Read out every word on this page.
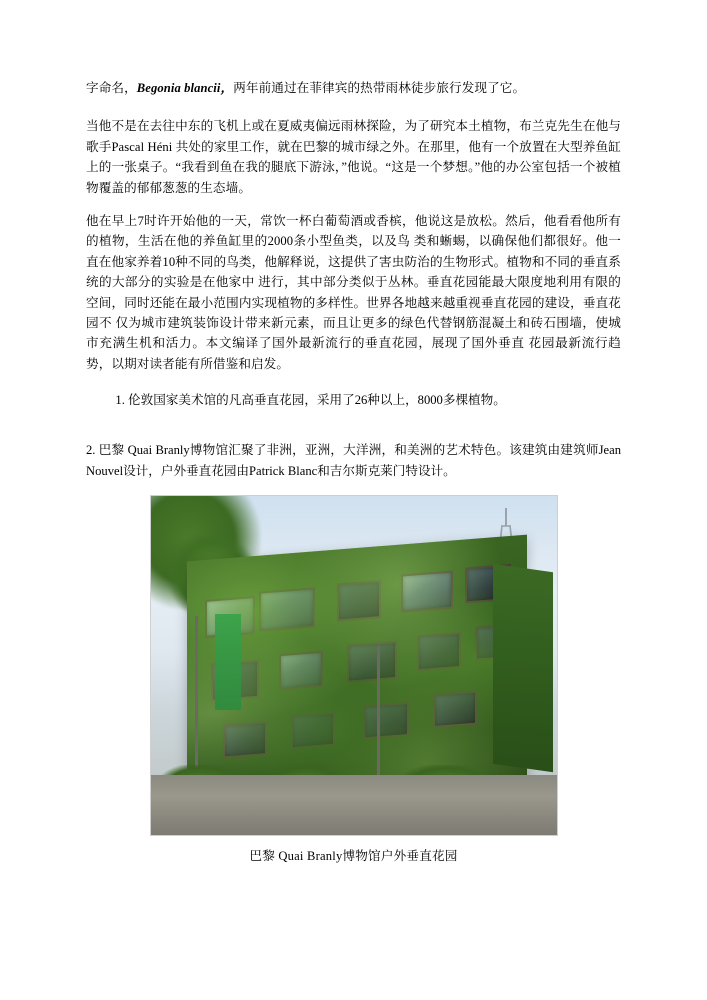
字命名，Begonia blancii，两年前通过在菲律宾的热带雨林徒步旅行发现了它。

当他不是在去往中东的飞机上或在夏威夷偏远雨林探险，为了研究本土植物，布兰克先生在他与歌手Pascal Héni 共处的家里工作，就在巴黎的城市绿之外。在那里，他有一个放置在大型养鱼缸上的一张桌子。“我看到鱼在我的腿底下游泳，”他说。“这是一个梦想。”他的办公室包括一个被植物覆盖的郁郁葱葱的生态墙。

他在早上7时许开始他的一天，常饮一杯白葡萄酒或香槟，他说这是放松。然后，他看看他所有的植物，生活在他的养鱼缸里的2000条小型鱼类，以及鸟 类和蜥蜴，以确保他们都很好。他一直在他家养着10种不同的鸟类，他解释说，这提供了害虫防治的生物形式。植物和不同的垂直系统的大部分的实验是在他家中 进行，其中部分类似于丛林。垂直花园能最大限度地利用有限的空间，同时还能在最小范围内实现植物的多样性。世界各地越来越重视垂直花园的建设，垂直花园不 仅为城市建筑装饰设计带来新元素，而且让更多的绿色代替钢筋混凝土和砖石围墙，使城市充满生机和活力。本文编译了国外最新流行的垂直花园，展现了国外垂直 花园最新流行趋势，以期对读者能有所借鉴和启发。

1. 伦敦国家美术馆的凡高垂直花园，采用了26种以上，8000多棵植物。

2. 巴黎 Quai Branly博物馆汇聚了非洲，亚洲，大洋洲，和美洲的艺术特色。该建筑由建筑师Jean Nouvel设计，户外垂直花园由Patrick Blanc和吉尔斯克莱门特设计。

巴黎 Quai Branly博物馆户外垂直花园
